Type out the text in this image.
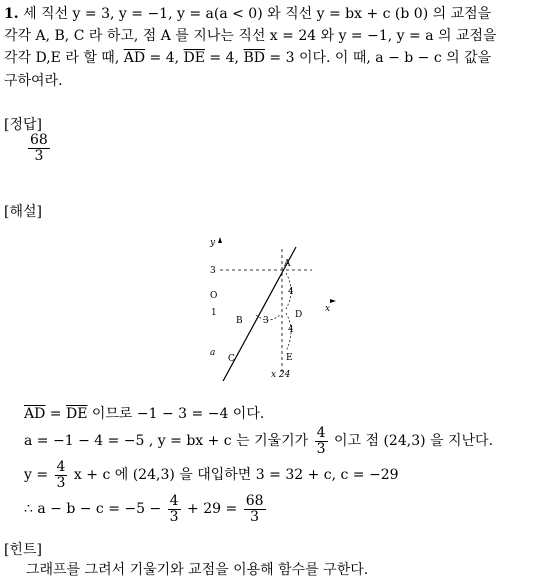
1. 세 직선 y = 3, y = −1, y = a(a < 0) 와 직선 y = bx + c (b 0) 의 교점을
각각 A, B, C 라 하고, 점 A 를 지나는 직선 x = 24 와 y = −1, y = a 의 교점을
각각 D,E 라 할 때, $\overline{AD} = 4$, $\overline{DE} = 4$, $\overline{BD} = 3$ 이다. 이 때, a − b − c 의 값을
구하여라.
[정답]
$\frac{68}{3}$
[해설]
y
x
3
O
1
a
A
B
C
D
E
4
4
3
x 24
$\overline{AD} = \overline{DE}$ 이므로 −1 − 3 = −4 이다.
a = −1 − 4 = −5 , y = bx + c 는 기울기가 $\frac{4}{3}$ 이고 점 (24,3) 을 지난다.
$y = \frac{4}{3}$ x + c 에 (24,3) 을 대입하면 3 = 32 + c, c = −29
∴ $a - b - c = -5 - \frac{4}{3} + 29 = \frac{68}{3}$
[힌트]
그래프를 그려서 기울기와 교점을 이용해 함수를 구한다.
